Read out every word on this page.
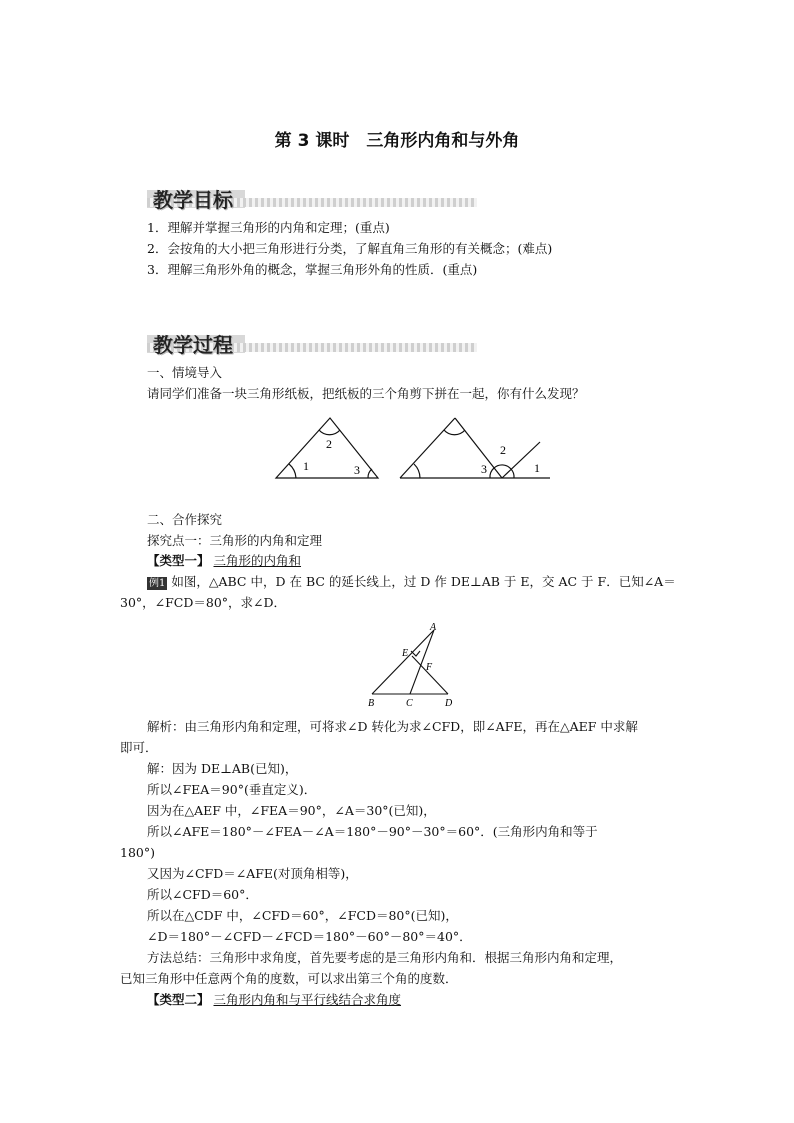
第 3 课时　三角形内角和与外角
教学目标
1．理解并掌握三角形的内角和定理；(重点)
2．会按角的大小把三角形进行分类，了解直角三角形的有关概念；(难点)
3．理解三角形外角的概念，掌握三角形外角的性质．(重点)
教学过程
一、情境导入
请同学们准备一块三角形纸板，把纸板的三个角剪下拼在一起，你有什么发现？
1
2
3
2
3	1
二、合作探究
探究点一：三角形的内角和定理
【类型一】 三角形的内角和
例1 如图，△ABC 中，D 在 BC 的延长线上，过 D 作 DE⊥AB 于 E，交 AC 于 F．已知∠A＝
30°，∠FCD＝80°，求∠D．
A
B	C	D
E
F
解析：由三角形内角和定理，可将求∠D 转化为求∠CFD，即∠AFE，再在△AEF 中求解
即可．
解：因为 DE⊥AB(已知)，
所以∠FEA＝90°(垂直定义)．
因为在△AEF 中，∠FEA＝90°，∠A＝30°(已知)，
所以∠AFE＝180°－∠FEA－∠A＝180°－90°－30°＝60°．(三角形内角和等于
180°)
又因为∠CFD＝∠AFE(对顶角相等)，
所以∠CFD＝60°．
所以在△CDF 中，∠CFD＝60°，∠FCD＝80°(已知)，
∠D＝180°－∠CFD－∠FCD＝180°－60°－80°＝40°．
方法总结：三角形中求角度，首先要考虑的是三角形内角和．根据三角形内角和定理，
已知三角形中任意两个角的度数，可以求出第三个角的度数．
【类型二】 三角形内角和与平行线结合求角度
